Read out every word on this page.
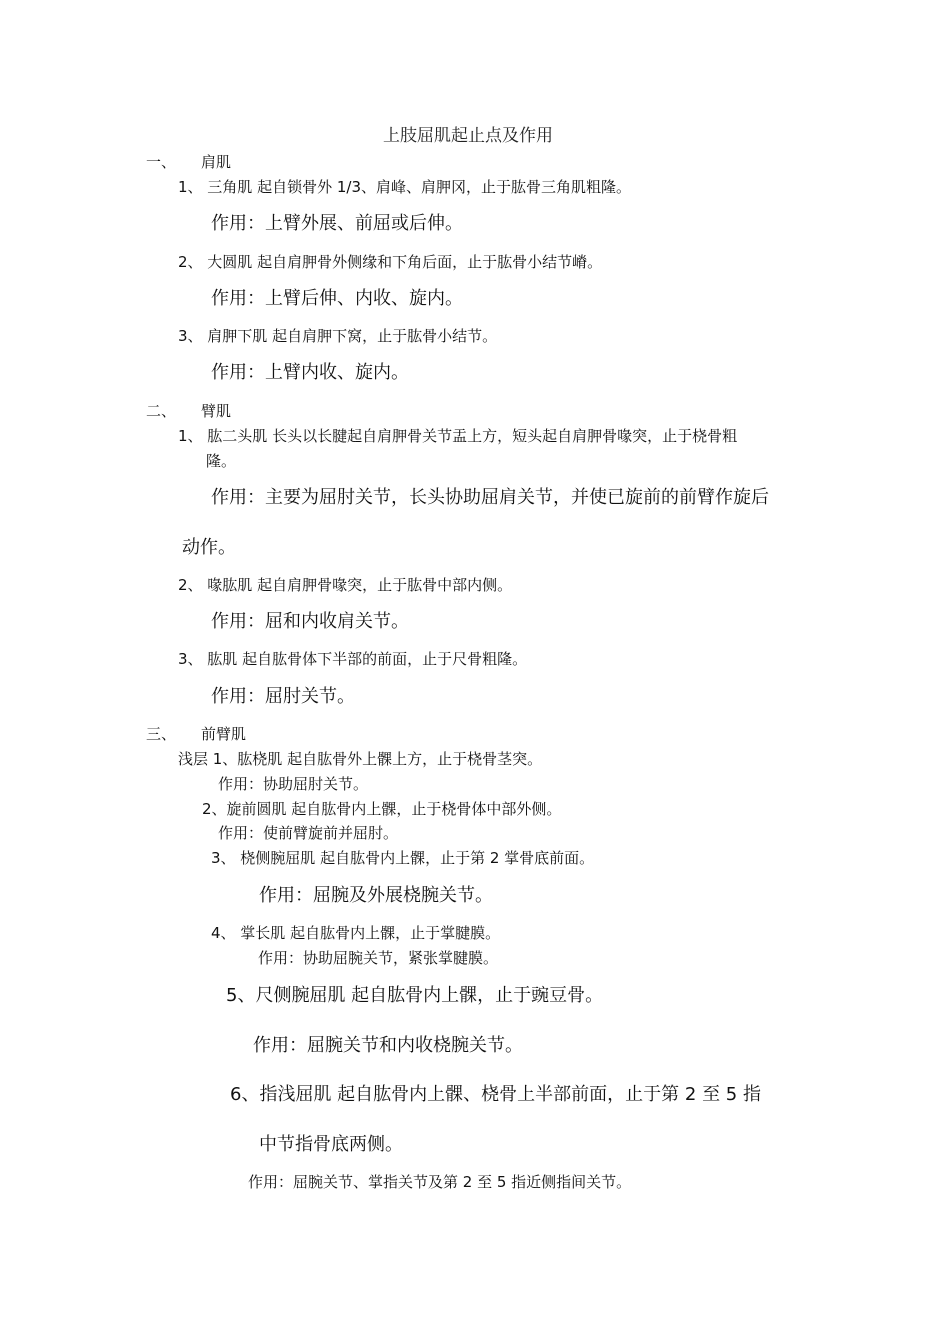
上肢屈肌起止点及作用
一、 肩肌
1、 三角肌 起自锁骨外 1/3、肩峰、肩胛冈，止于肱骨三角肌粗隆。
作用：上臂外展、前屈或后伸。
2、 大圆肌 起自肩胛骨外侧缘和下角后面，止于肱骨小结节嵴。
作用：上臂后伸、内收、旋内。
3、 肩胛下肌 起自肩胛下窝，止于肱骨小结节。
作用：上臂内收、旋内。
二、 臂肌
1、 肱二头肌 长头以长腱起自肩胛骨关节盂上方，短头起自肩胛骨喙突，止于桡骨粗
隆。
作用：主要为屈肘关节，长头协助屈肩关节，并使已旋前的前臂作旋后
动作。
2、 喙肱肌 起自肩胛骨喙突，止于肱骨中部内侧。
作用：屈和内收肩关节。
3、 肱肌 起自肱骨体下半部的前面，止于尺骨粗隆。
作用：屈肘关节。
三、 前臂肌
浅层 1、肱桡肌 起自肱骨外上髁上方，止于桡骨茎突。
作用：协助屈肘关节。
2、旋前圆肌 起自肱骨内上髁，止于桡骨体中部外侧。
作用：使前臂旋前并屈肘。
3、 桡侧腕屈肌 起自肱骨内上髁，止于第 2 掌骨底前面。
作用：屈腕及外展桡腕关节。
4、 掌长肌 起自肱骨内上髁，止于掌腱膜。
作用：协助屈腕关节，紧张掌腱膜。
5、尺侧腕屈肌 起自肱骨内上髁，止于豌豆骨。
作用：屈腕关节和内收桡腕关节。
6、指浅屈肌 起自肱骨内上髁、桡骨上半部前面，止于第 2 至 5 指
中节指骨底两侧。
作用：屈腕关节、掌指关节及第 2 至 5 指近侧指间关节。
